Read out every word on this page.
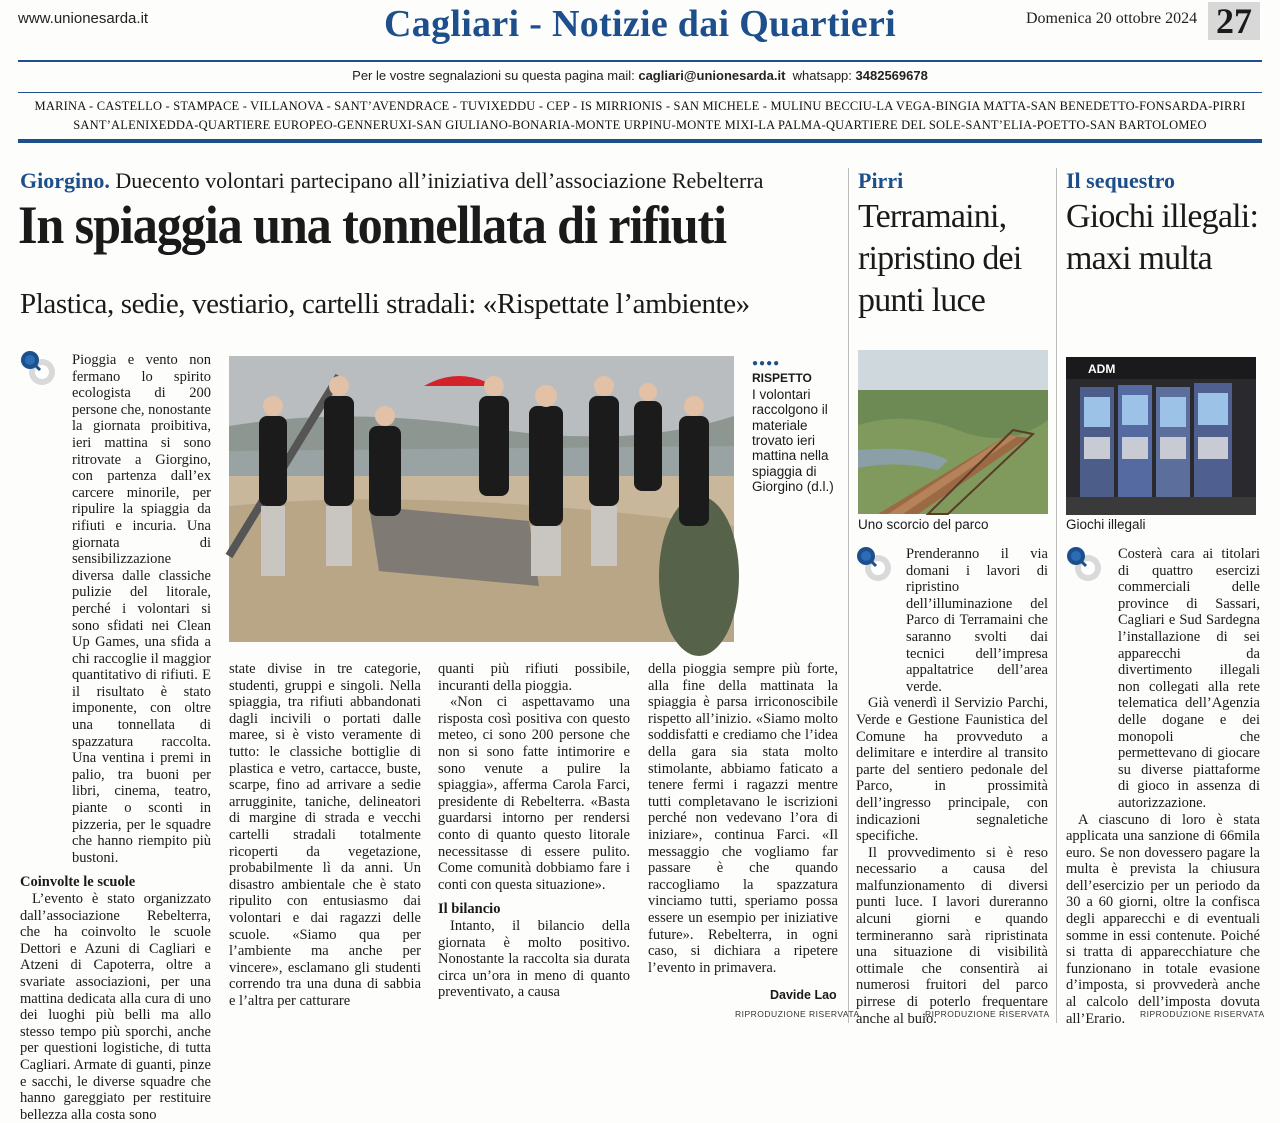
www.unionesarda.it	Cagliari - Notizie dai Quartieri	Domenica 20 ottobre 2024 27
Per le vostre segnalazioni su questa pagina mail: cagliari@unionesarda.it whatsapp: 3482569678
MARINA - CASTELLO - STAMPACE - VILLANOVA - SANT’AVENDRACE - TUVIXEDDU - CEP - IS MIRRIONIS - SAN MICHELE - MULINU BECCIU-LA VEGA-BINGIA MATTA-SAN BENEDETTO-FONSARDA-PIRRI
SANT’ALENIXEDDA-QUARTIERE EUROPEO-GENNERUXI-SAN GIULIANO-BONARIA-MONTE URPINU-MONTE MIXI-LA PALMA-QUARTIERE DEL SOLE-SANT’ELIA-POETTO-SAN BARTOLOMEO
Giorgino. Duecento volontari partecipano all’iniziativa dell’associazione Rebelterra
In spiaggia una tonnellata di rifiuti
Plastica, sedie, vestiario, cartelli stradali: «Rispettate l’ambiente»

Pioggia e vento non fermano lo spirito ecologista di 200 persone che, nonostante la giornata proibitiva, ieri mattina si sono ritrovate a Giorgino, con partenza dall’ex carcere minorile, per ripulire la spiaggia da rifiuti e incuria. Una giornata di sensibilizzazione diversa dalle classiche pulizie del litorale, perché i volontari si sono sfidati nei Clean Up Games, una sfida a chi raccoglie il maggior quantitativo di rifiuti. E il risultato è stato imponente, con oltre una tonnellata di spazzatura raccolta. Una ventina i premi in palio, tra buoni per libri, cinema, teatro, piante o sconti in pizzeria, per le squadre che hanno riempito più bustoni.

Coinvolte le scuole

L’evento è stato organizzato dall’associazione Rebelterra, che ha coinvolto le scuole Dettori e Azuni di Cagliari e Atzeni di Capoterra, oltre a svariate associazioni, per una mattina dedicata alla cura di uno dei luoghi più belli ma allo stesso tempo più sporchi, anche per questioni logistiche, di tutta Cagliari. Armate di guanti, pinze e sacchi, le diverse squadre che hanno gareggiato per restituire bellezza alla costa sono

●●●●
RISPETTO
I volontari raccolgono il materiale trovato ieri mattina nella spiaggia di Giorgino (d.l.)

state divise in tre categorie, studenti, gruppi e singoli. Nella spiaggia, tra rifiuti abbandonati dagli incivili o portati dalle maree, si è visto veramente di tutto: le classiche bottiglie di plastica e vetro, cartacce, buste, scarpe, fino ad arrivare a sedie arrugginite, taniche, delineatori di margine di strada e vecchi cartelli stradali totalmente ricoperti da vegetazione, probabilmente lì da anni. Un disastro ambientale che è stato ripulito con entusiasmo dai volontari e dai ragazzi delle scuole. «Siamo qua per l’ambiente ma anche per vincere», esclamano gli studenti correndo tra una duna di sabbia e l’altra per catturare

quanti più rifiuti possibile, incuranti della pioggia.

«Non ci aspettavamo una risposta così positiva con questo meteo, ci sono 200 persone che non si sono fatte intimorire e sono venute a pulire la spiaggia», afferma Carola Farci, presidente di Rebelterra. «Basta guardarsi intorno per rendersi conto di quanto questo litorale necessitasse di essere pulito. Come comunità dobbiamo fare i conti con questa situazione».

Il bilancio

Intanto, il bilancio della giornata è molto positivo. Nonostante la raccolta sia durata circa un’ora in meno di quanto preventivato, a causa

della pioggia sempre più forte, alla fine della mattinata la spiaggia è parsa irriconoscibile rispetto all’inizio. «Siamo molto soddisfatti e crediamo che l’idea della gara sia stata molto stimolante, abbiamo faticato a tenere fermi i ragazzi mentre tutti completavano le iscrizioni perché non vedevano l’ora di iniziare», continua Farci. «Il messaggio che vogliamo far passare è che quando raccogliamo la spazzatura vinciamo tutti, speriamo possa essere un esempio per iniziative future». Rebelterra, in ogni caso, si dichiara a ripetere l’evento in primavera.

Davide Lao
RIPRODUZIONE RISERVATA
Pirri
Terramaini, ripristino dei punti luce
Uno scorcio del parco

Prenderanno il via domani i lavori di ripristino dell’illuminazione del Parco di Terramaini che saranno svolti dai tecnici dell’impresa appaltatrice dell’area verde.

Già venerdì il Servizio Parchi, Verde e Gestione Faunistica del Comune ha provveduto a delimitare e interdire al transito parte del sentiero pedonale del Parco, in prossimità dell’ingresso principale, con indicazioni segnaletiche specifiche.

Il provvedimento si è reso necessario a causa del malfunzionamento di diversi punti luce. I lavori dureranno alcuni giorni e quando termineranno sarà ripristinata una situazione di visibilità ottimale che consentirà ai numerosi fruitori del parco pirrese di poterlo frequentare anche al buio.

RIPRODUZIONE RISERVATA
Il sequestro
Giochi illegali: maxi multa
ADM
Giochi illegali

Costerà cara ai titolari di quattro esercizi commerciali delle province di Sassari, Cagliari e Sud Sardegna l’installazione di sei apparecchi da divertimento illegali non collegati alla rete telematica dell’Agenzia delle dogane e dei monopoli che permettevano di giocare su diverse piattaforme di gioco in assenza di autorizzazione.

A ciascuno di loro è stata applicata una sanzione di 66mila euro. Se non dovessero pagare la multa è prevista la chiusura dell’esercizio per un periodo da 30 a 60 giorni, oltre la confisca degli apparecchi e di eventuali somme in essi contenute. Poiché si tratta di apparecchiature che funzionano in totale evasione d’imposta, si provvederà anche al calcolo dell’imposta dovuta all’Erario.	RIPRODUZIONE RISERVATA
